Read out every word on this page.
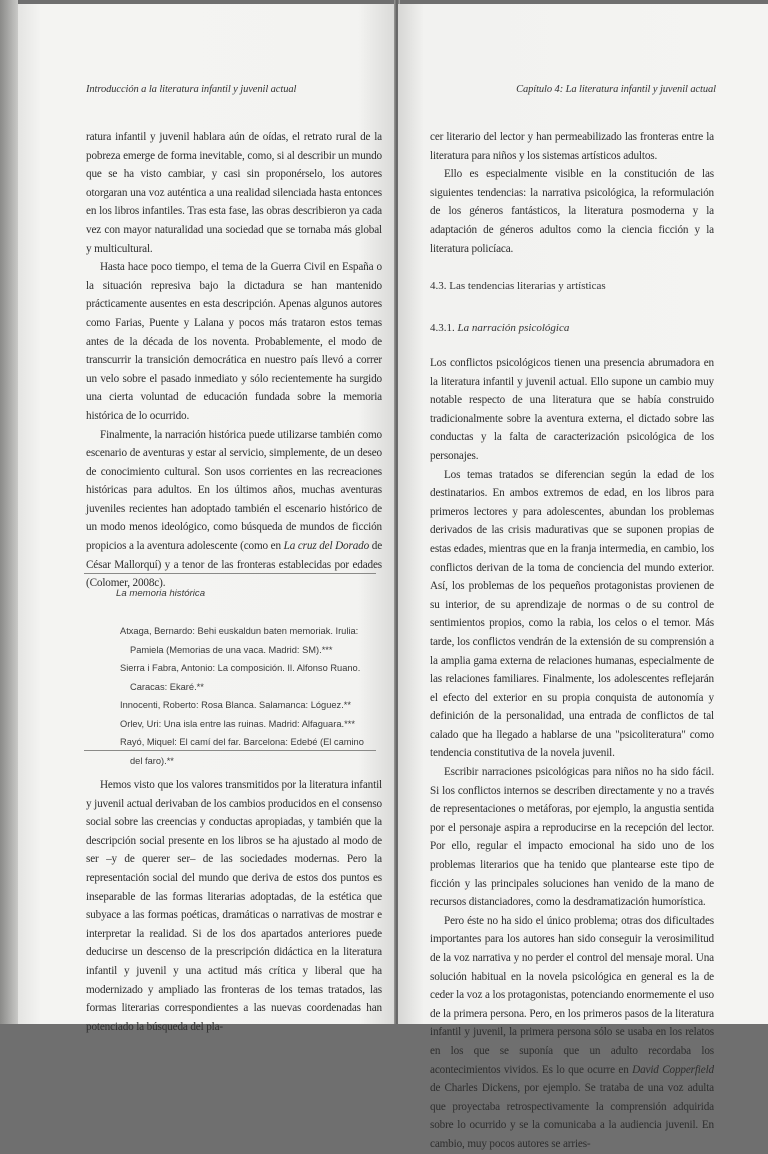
Introducción a la literatura infantil y juvenil actual

ratura infantil y juvenil hablara aún de oídas, el retrato rural de la pobreza emerge de forma inevitable, como, si al describir un mundo que se ha visto cambiar, y casi sin proponérselo, los autores otorgaran una voz auténtica a una realidad silenciada hasta entonces en los libros infantiles. Tras esta fase, las obras describieron ya cada vez con mayor naturalidad una sociedad que se tornaba más global y multicultural.

Hasta hace poco tiempo, el tema de la Guerra Civil en España o la situación represiva bajo la dictadura se han mantenido prácticamente ausentes en esta descripción. Apenas algunos autores como Farias, Puente y Lalana y pocos más trataron estos temas antes de la década de los noventa. Probablemente, el modo de transcurrir la transición democrática en nuestro país llevó a correr un velo sobre el pasado inmediato y sólo recientemente ha surgido una cierta voluntad de educación fundada sobre la memoria histórica de lo ocurrido.

Finalmente, la narración histórica puede utilizarse también como escenario de aventuras y estar al servicio, simplemente, de un deseo de conocimiento cultural. Son usos corrientes en las recreaciones históricas para adultos. En los últimos años, muchas aventuras juveniles recientes han adoptado también el escenario histórico de un modo menos ideológico, como búsqueda de mundos de ficción propicios a la aventura adolescente (como en La cruz del Dorado de César Mallorquí) y a tenor de las fronteras establecidas por edades (Colomer, 2008c).

La memoria histórica
Atxaga, Bernardo: Behi euskaldun baten memoriak. Irulia: Pamiela (Memorias de una vaca. Madrid: SM).***
Sierra i Fabra, Antonio: La composición. Il. Alfonso Ruano. Caracas: Ekaré.**
Innocenti, Roberto: Rosa Blanca. Salamanca: Lóguez.**
Orlev, Uri: Una isla entre las ruinas. Madrid: Alfaguara.***
Rayó, Miquel: El camí del far. Barcelona: Edebé (El camino del faro).**

Hemos visto que los valores transmitidos por la literatura infantil y juvenil actual derivaban de los cambios producidos en el consenso social sobre las creencias y conductas apropiadas, y también que la descripción social presente en los libros se ha ajustado al modo de ser –y de querer ser– de las sociedades modernas. Pero la representación social del mundo que deriva de estos dos puntos es inseparable de las formas literarias adoptadas, de la estética que subyace a las formas poéticas, dramáticas o narrativas de mostrar e interpretar la realidad. Si de los dos apartados anteriores puede deducirse un descenso de la prescripción didáctica en la literatura infantil y juvenil y una actitud más crítica y liberal que ha modernizado y ampliado las fronteras de los temas tratados, las formas literarias correspondientes a las nuevas coordenadas han potenciado la búsqueda del pla-

Capítulo 4: La literatura infantil y juvenil actual

cer literario del lector y han permeabilizado las fronteras entre la literatura para niños y los sistemas artísticos adultos.

Ello es especialmente visible en la constitución de las siguientes tendencias: la narrativa psicológica, la reformulación de los géneros fantásticos, la literatura posmoderna y la adaptación de géneros adultos como la ciencia ficción y la literatura policíaca.

4.3. Las tendencias literarias y artísticas
4.3.1. La narración psicológica

Los conflictos psicológicos tienen una presencia abrumadora en la literatura infantil y juvenil actual. Ello supone un cambio muy notable respecto de una literatura que se había construido tradicionalmente sobre la aventura externa, el dictado sobre las conductas y la falta de caracterización psicológica de los personajes.

Los temas tratados se diferencian según la edad de los destinatarios. En ambos extremos de edad, en los libros para primeros lectores y para adolescentes, abundan los problemas derivados de las crisis madurativas que se suponen propias de estas edades, mientras que en la franja intermedia, en cambio, los conflictos derivan de la toma de conciencia del mundo exterior. Así, los problemas de los pequeños protagonistas provienen de su interior, de su aprendizaje de normas o de su control de sentimientos propios, como la rabia, los celos o el temor. Más tarde, los conflictos vendrán de la extensión de su comprensión a la amplia gama externa de relaciones humanas, especialmente de las relaciones familiares. Finalmente, los adolescentes reflejarán el efecto del exterior en su propia conquista de autonomía y definición de la personalidad, una entrada de conflictos de tal calado que ha llegado a hablarse de una "psicoliteratura" como tendencia constitutiva de la novela juvenil.

Escribir narraciones psicológicas para niños no ha sido fácil. Si los conflictos internos se describen directamente y no a través de representaciones o metáforas, por ejemplo, la angustia sentida por el personaje aspira a reproducirse en la recepción del lector. Por ello, regular el impacto emocional ha sido uno de los problemas literarios que ha tenido que plantearse este tipo de ficción y las principales soluciones han venido de la mano de recursos distanciadores, como la desdramatización humorística.

Pero éste no ha sido el único problema; otras dos dificultades importantes para los autores han sido conseguir la verosimilitud de la voz narrativa y no perder el control del mensaje moral. Una solución habitual en la novela psicológica en general es la de ceder la voz a los protagonistas, potenciando enormemente el uso de la primera persona. Pero, en los primeros pasos de la literatura infantil y juvenil, la primera persona sólo se usaba en los relatos en los que se suponía que un adulto recordaba los acontecimientos vividos. Es lo que ocurre en David Copperfield de Charles Dickens, por ejemplo. Se trataba de una voz adulta que proyectaba retrospectivamente la comprensión adquirida sobre lo ocurrido y se la comunicaba a la audiencia juvenil. En cambio, muy pocos autores se arries-
